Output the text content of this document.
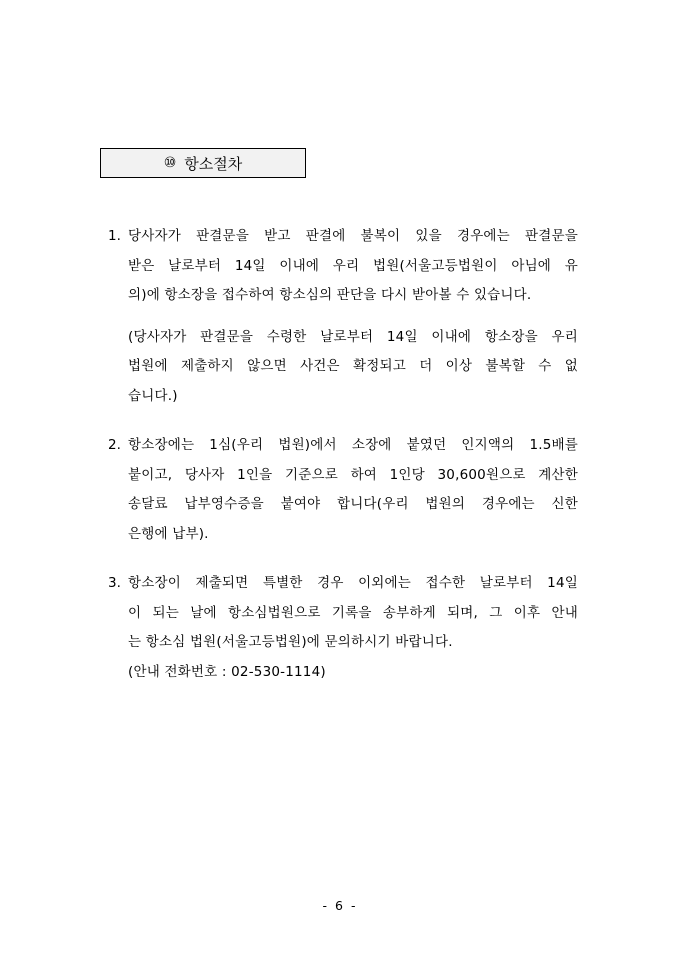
⑩ 항소절차
1. 당사자가 판결문을 받고 판결에 불복이 있을 경우에는 판결문을
받은 날로부터 14일 이내에 우리 법원(서울고등법원이 아님에 유
의)에 항소장을 접수하여 항소심의 판단을 다시 받아볼 수 있습니다.
(당사자가 판결문을 수령한 날로부터 14일 이내에 항소장을 우리
법원에 제출하지 않으면 사건은 확정되고 더 이상 불복할 수 없
습니다.)
2. 항소장에는 1심(우리 법원)에서 소장에 붙였던 인지액의 1.5배를
붙이고, 당사자 1인을 기준으로 하여 1인당 30,600원으로 계산한
송달료 납부영수증을 붙여야 합니다(우리 법원의 경우에는 신한
은행에 납부).
3. 항소장이 제출되면 특별한 경우 이외에는 접수한 날로부터 14일
이 되는 날에 항소심법원으로 기록을 송부하게 되며, 그 이후 안내
는 항소심 법원(서울고등법원)에 문의하시기 바랍니다.
(안내 전화번호 : 02-530-1114)
- 6 -
